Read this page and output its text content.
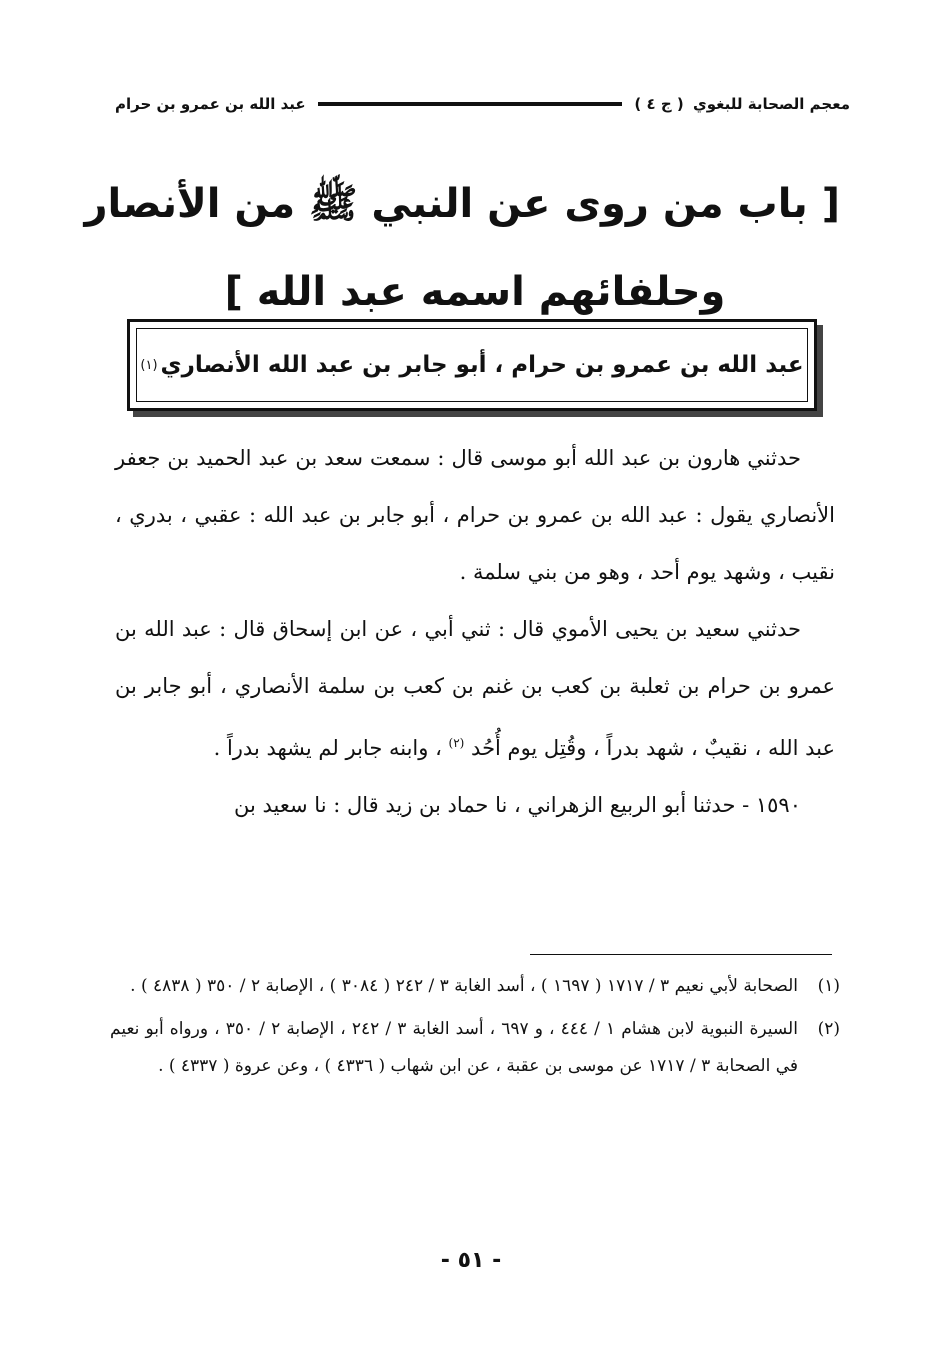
معجم الصحابة للبغوي ( ج ٤ )
عبد الله بن عمرو بن حرام
[ باب من روى عن النبي ﷺ من الأنصار
وحلفائهم اسمه عبد الله ]
عبد الله بن عمرو بن حرام ، أبو جابر بن عبد الله الأنصاري
(١)

حدثني هارون بن عبد الله أبو موسى قال : سمعت سعد بن عبد الحميد بن جعفر الأنصاري يقول : عبد الله بن عمرو بن حرام ، أبو جابر بن عبد الله : عقبي ، بدري ، نقيب ، وشهد يوم أحد ، وهو من بني سلمة .

حدثني سعيد بن يحيى الأموي قال : ثني أبي ، عن ابن إسحاق قال : عبد الله بن عمرو بن حرام بن ثعلبة بن كعب بن غنم بن كعب بن سلمة الأنصاري ، أبو جابر بن عبد الله ، نقيبٌ ، شهد بدراً ، وقُتِل يوم أُحُد $^{(٢)}$ ، وابنه جابر لم يشهد بدراً .

١٥٩٠ - حدثنا أبو الربيع الزهراني ، نا حماد بن زيد قال : نا سعيد بن

(١)
الصحابة لأبي نعيم ٣ / ١٧١٧ ( ١٦٩٧ ) ، أسد الغابة ٣ / ٢٤٢ ( ٣٠٨٤ ) ، الإصابة ٢ / ٣٥٠ ( ٤٨٣٨ ) .
(٢)
السيرة النبوية لابن هشام ١ / ٤٤٤ ، و ٦٩٧ ، أسد الغابة ٣ / ٢٤٢ ، الإصابة ٢ / ٣٥٠ ، ورواه أبو نعيم في الصحابة ٣ / ١٧١٧ عن موسى بن عقبة ، عن ابن شهاب ( ٤٣٣٦ ) ، وعن عروة ( ٤٣٣٧ ) .
- ٥١ -
